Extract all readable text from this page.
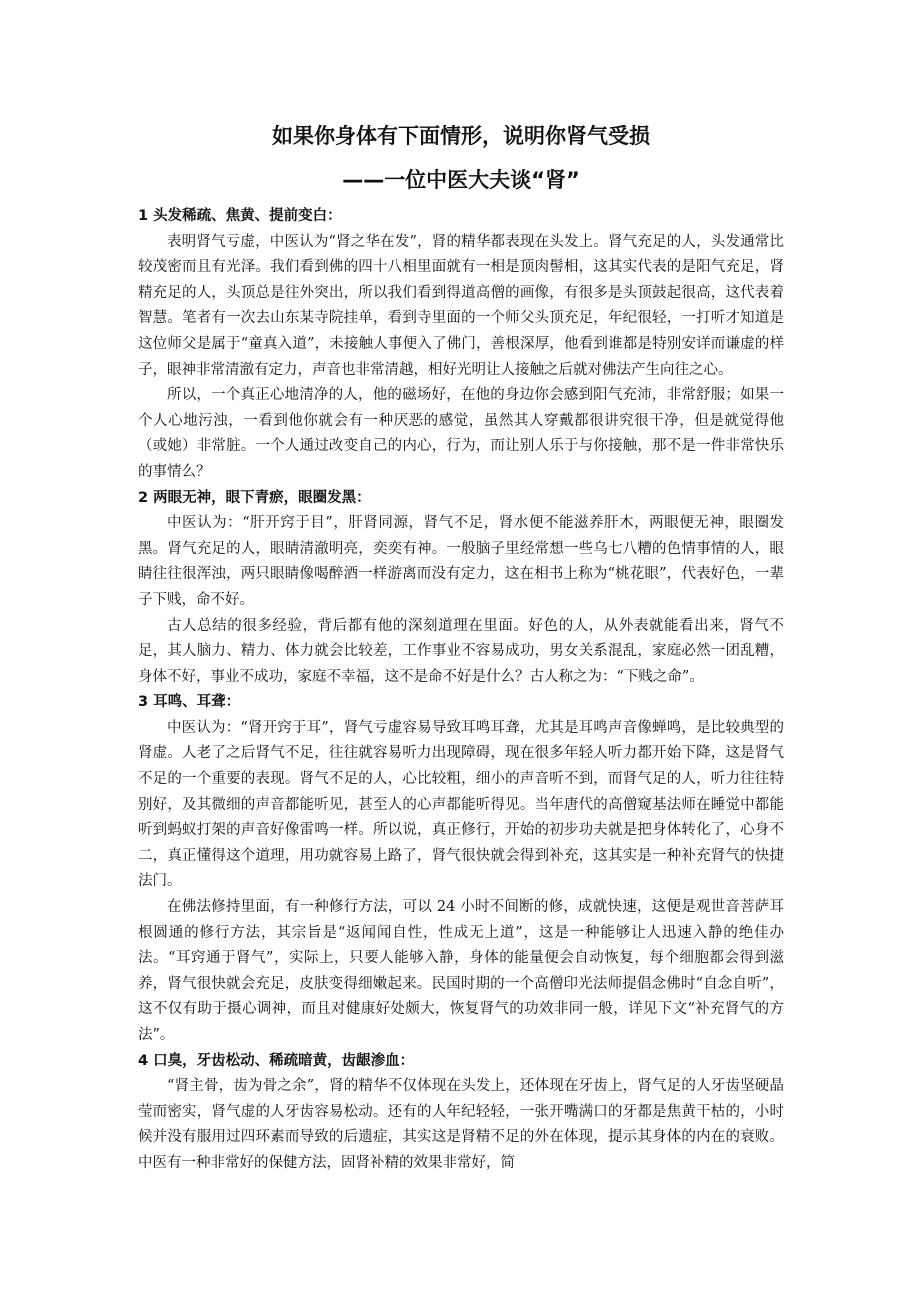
如果你身体有下面情形，说明你肾气受损
——一位中医大夫谈“肾”

1 头发稀疏、焦黄、提前变白：

表明肾气亏虚，中医认为“肾之华在发”，肾的精华都表现在头发上。肾气充足的人，头发通常比较茂密而且有光泽。我们看到佛的四十八相里面就有一相是顶肉髻相，这其实代表的是阳气充足，肾精充足的人，头顶总是往外突出，所以我们看到得道高僧的画像，有很多是头顶鼓起很高，这代表着智慧。笔者有一次去山东某寺院挂单，看到寺里面的一个师父头顶充足，年纪很轻，一打听才知道是这位师父是属于“童真入道”，未接触人事便入了佛门，善根深厚，他看到谁都是特别安详而谦虚的样子，眼神非常清澈有定力，声音也非常清越，相好光明让人接触之后就对佛法产生向往之心。

所以，一个真正心地清净的人，他的磁场好，在他的身边你会感到阳气充沛，非常舒服；如果一个人心地污浊，一看到他你就会有一种厌恶的感觉，虽然其人穿戴都很讲究很干净，但是就觉得他（或她）非常脏。一个人通过改变自己的内心，行为，而让别人乐于与你接触，那不是一件非常快乐的事情么？

2 两眼无神，眼下青瘀，眼圈发黑：

中医认为：“肝开窍于目”，肝肾同源，肾气不足，肾水便不能滋养肝木，两眼便无神，眼圈发黑。肾气充足的人，眼睛清澈明亮，奕奕有神。一般脑子里经常想一些乌七八糟的色情事情的人，眼睛往往很浑浊，两只眼睛像喝醉酒一样游离而没有定力，这在相书上称为“桃花眼”，代表好色，一辈子下贱，命不好。

古人总结的很多经验，背后都有他的深刻道理在里面。好色的人，从外表就能看出来，肾气不足，其人脑力、精力、体力就会比较差，工作事业不容易成功，男女关系混乱，家庭必然一团乱糟，身体不好，事业不成功，家庭不幸福，这不是命不好是什么？古人称之为：“下贱之命”。

3 耳鸣、耳聋：

中医认为：“肾开窍于耳”，肾气亏虚容易导致耳鸣耳聋，尤其是耳鸣声音像蝉鸣，是比较典型的肾虚。人老了之后肾气不足，往往就容易听力出现障碍，现在很多年轻人听力都开始下降，这是肾气不足的一个重要的表现。肾气不足的人，心比较粗，细小的声音听不到，而肾气足的人，听力往往特别好，及其微细的声音都能听见，甚至人的心声都能听得见。当年唐代的高僧窥基法师在睡觉中都能听到蚂蚁打架的声音好像雷鸣一样。所以说，真正修行，开始的初步功夫就是把身体转化了，心身不二，真正懂得这个道理，用功就容易上路了，肾气很快就会得到补充，这其实是一种补充肾气的快捷法门。

在佛法修持里面，有一种修行方法，可以 24 小时不间断的修，成就快速，这便是观世音菩萨耳根圆通的修行方法，其宗旨是“返闻闻自性，性成无上道”，这是一种能够让人迅速入静的绝佳办法。“耳窍通于肾气”，实际上，只要人能够入静，身体的能量便会自动恢复，每个细胞都会得到滋养，肾气很快就会充足，皮肤变得细嫩起来。民国时期的一个高僧印光法师提倡念佛时“自念自听”，这不仅有助于摄心调神，而且对健康好处颇大，恢复肾气的功效非同一般，详见下文“补充肾气的方法”。

4 口臭，牙齿松动、稀疏暗黄，齿龈渗血：

“肾主骨，齿为骨之余”，肾的精华不仅体现在头发上，还体现在牙齿上，肾气足的人牙齿坚硬晶莹而密实，肾气虚的人牙齿容易松动。还有的人年纪轻轻，一张开嘴满口的牙都是焦黄干枯的，小时候并没有服用过四环素而导致的后遗症，其实这是肾精不足的外在体现，提示其身体的内在的衰败。中医有一种非常好的保健方法，固肾补精的效果非常好，简
